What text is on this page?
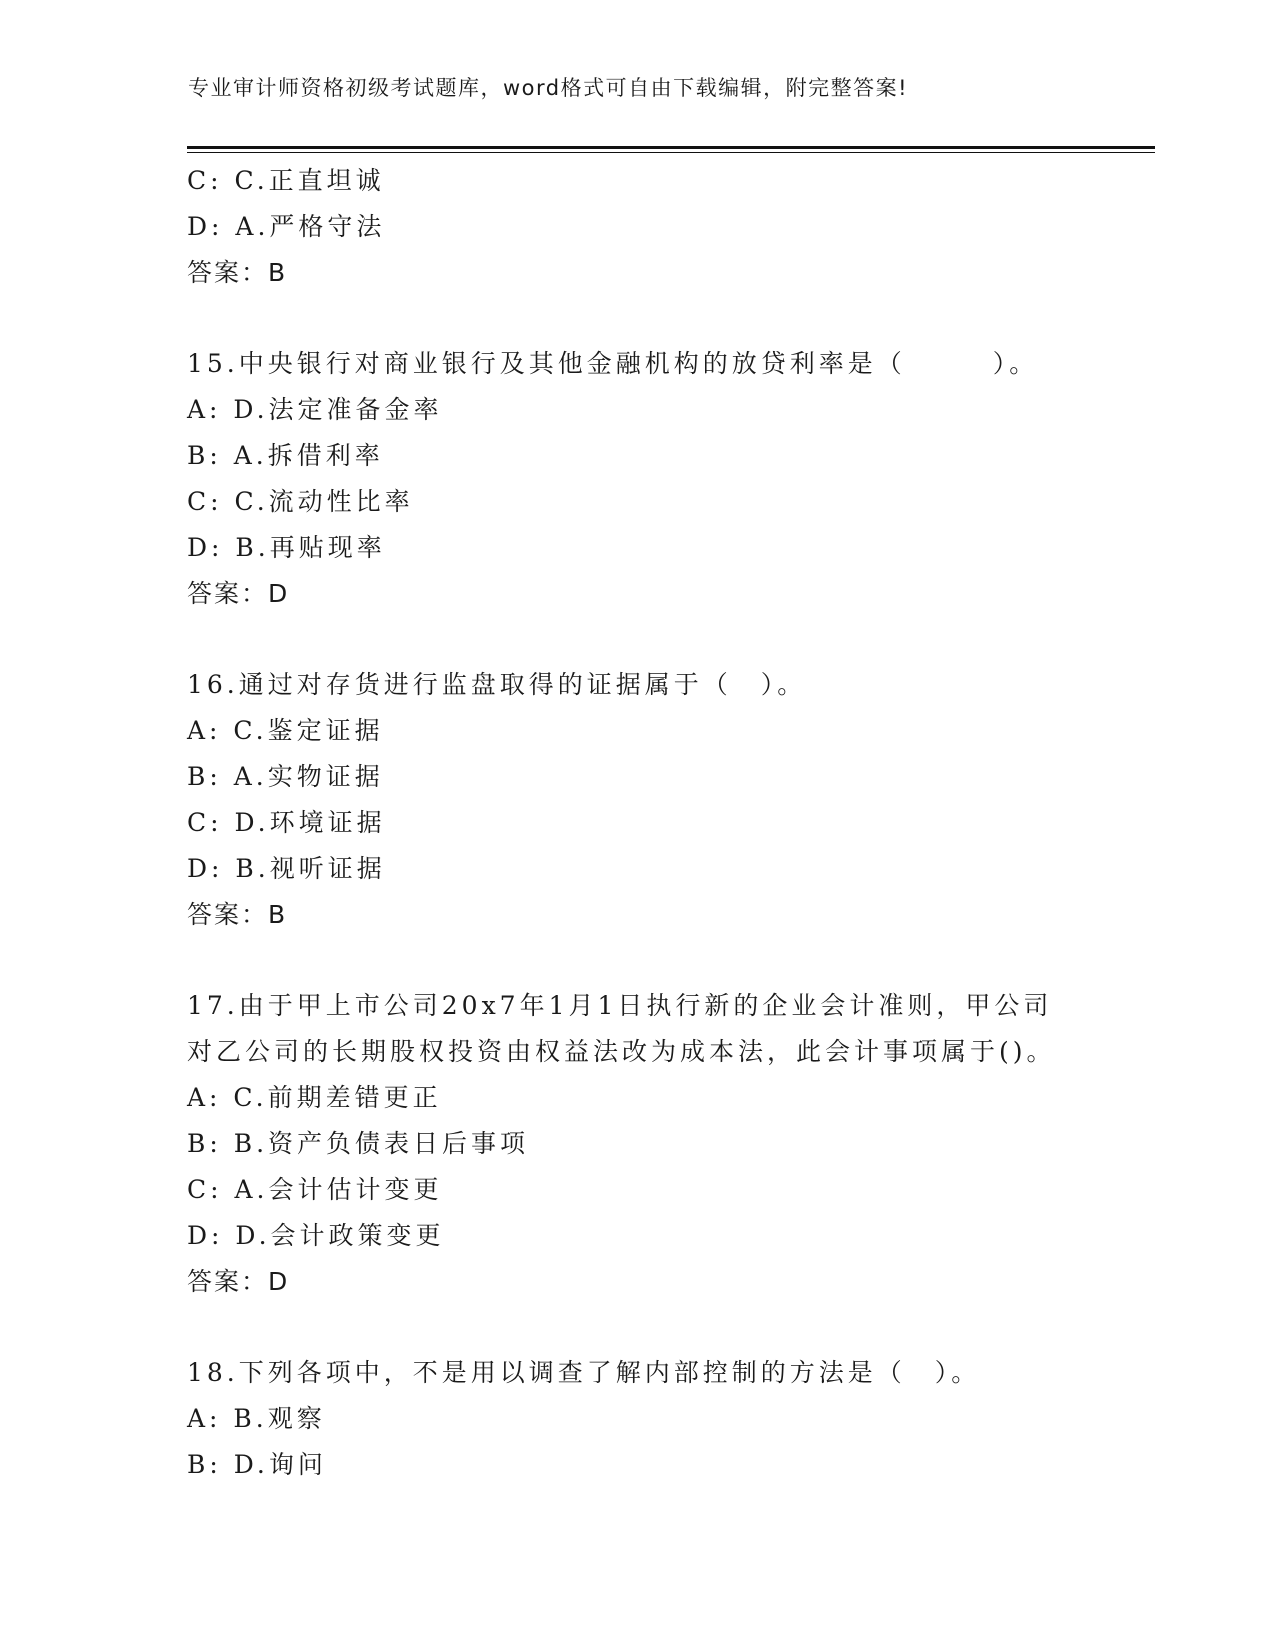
专业审计师资格初级考试题库，word格式可自由下载编辑，附完整答案!
C: C.正直坦诚
D: A.严格守法
答案：B
15.中央银行对商业银行及其他金融机构的放贷利率是（　　　）。
A: D.法定准备金率
B: A.拆借利率
C: C.流动性比率
D: B.再贴现率
答案：D
16.通过对存货进行监盘取得的证据属于（　）。
A: C.鉴定证据
B: A.实物证据
C: D.环境证据
D: B.视听证据
答案：B
17.由于甲上市公司20x7年1月1日执行新的企业会计准则，甲公司
对乙公司的长期股权投资由权益法改为成本法，此会计事项属于()。
A: C.前期差错更正
B: B.资产负债表日后事项
C: A.会计估计变更
D: D.会计政策变更
答案：D
18.下列各项中，不是用以调查了解内部控制的方法是（　）。
A: B.观察
B: D.询问
